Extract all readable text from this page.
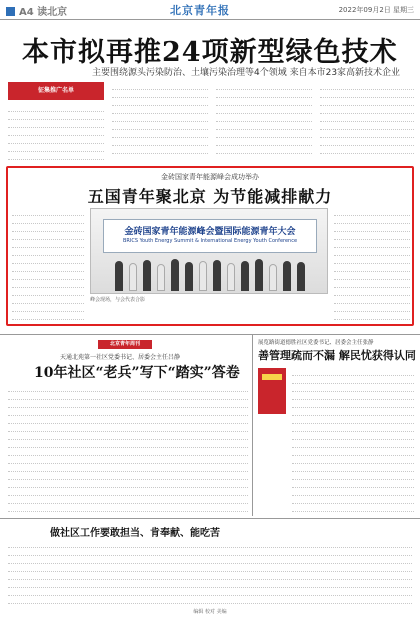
A4 读北京	北京青年报	2022年09月2日 星期三
本市拟再推24项新型绿色技术
主要围绕源头污染防治、土壤污染治理等4个领域 来自本市23家高新技术企业
征集推广名单

金砖国家青年能源峰会成功举办
五国青年聚北京 为节能减排献力

金砖国家青年能源峰会暨国际能源青年大会
BRICS Youth Energy Summit & International Energy Youth Conference
峰会现场，与会代表合影

北京青年周刊
天通北苑第一社区党委书记、居委会主任吕静
10年社区“老兵”写下“踏实”答卷

展览路街道德胜社区党委书记、居委会主任张静
善管理疏而不漏 解民忧获得认同

做社区工作要敢担当、肯奉献、能吃苦

编辑 校对 美编
